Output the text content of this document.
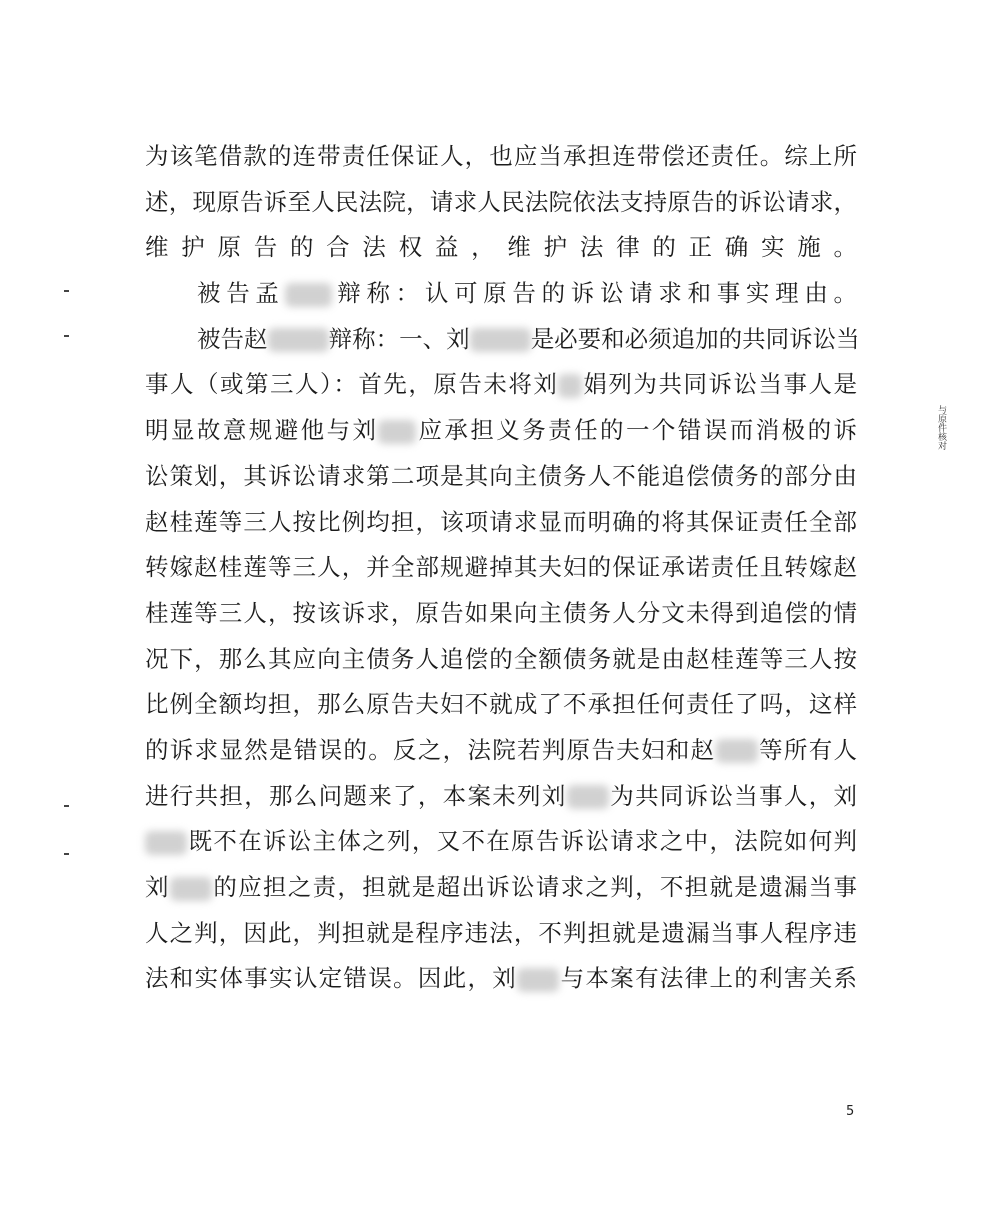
为该笔借款的连带责任保证人，也应当承担连带偿还责任。综上所
述，现原告诉至人民法院，请求人民法院依法支持原告的诉讼请求，
维护原告的合法权益，维护法律的正确实施。
被告孟 辩称：认可原告的诉讼请求和事实理由。
被告赵	辩称：一、刘	是必要和必须追加的共同诉讼当
事人（或第三人）：首先，原告未将刘 娟列为共同诉讼当事人是
明显故意规避他与刘 应承担义务责任的一个错误而消极的诉
讼策划，其诉讼请求第二项是其向主债务人不能追偿债务的部分由
赵桂莲等三人按比例均担，该项请求显而明确的将其保证责任全部
转嫁赵桂莲等三人，并全部规避掉其夫妇的保证承诺责任且转嫁赵
桂莲等三人，按该诉求，原告如果向主债务人分文未得到追偿的情
况下，那么其应向主债务人追偿的全额债务就是由赵桂莲等三人按
比例全额均担，那么原告夫妇不就成了不承担任何责任了吗，这样
的诉求显然是错误的。反之，法院若判原告夫妇和赵 等所有人
进行共担，那么问题来了，本案未列刘 为共同诉讼当事人，刘
既不在诉讼主体之列，又不在原告诉讼请求之中，法院如何判
刘 的应担之责，担就是超出诉讼请求之判，不担就是遗漏当事
人之判，因此，判担就是程序违法，不判担就是遗漏当事人程序违
法和实体事实认定错误。因此，刘 与本案有法律上的利害关系
与原件核对
5
